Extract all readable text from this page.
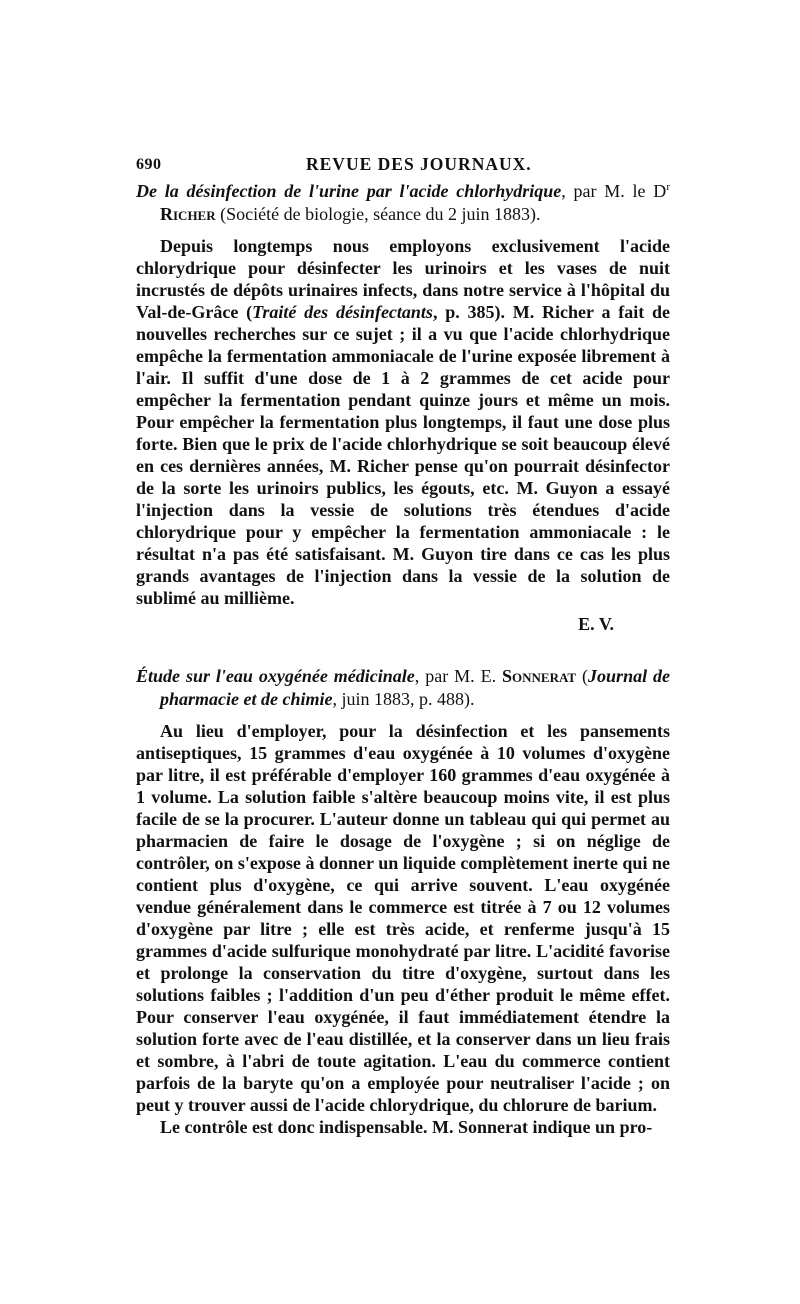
690	REVUE DES JOURNAUX.

De la désinfection de l'urine par l'acide chlorhydrique, par M. le $D^r$ Richer (Société de biologie, séance du 2 juin 1883).

Depuis longtemps nous employons exclusivement l'acide chlorydrique pour désinfecter les urinoirs et les vases de nuit incrustés de dépôts urinaires infects, dans notre service à l'hôpital du Val-de-Grâce (Traité des désinfectants, p. 385). M. Richer a fait de nouvelles recherches sur ce sujet ; il a vu que l'acide chlorhydrique empêche la fermentation ammoniacale de l'urine exposée librement à l'air. Il suffit d'une dose de 1 à 2 grammes de cet acide pour empêcher la fermentation pendant quinze jours et même un mois. Pour empêcher la fermentation plus longtemps, il faut une dose plus forte. Bien que le prix de l'acide chlorhydrique se soit beaucoup élevé en ces dernières années, M. Richer pense qu'on pourrait désinfector de la sorte les urinoirs publics, les égouts, etc. M. Guyon a essayé l'injection dans la vessie de solutions très étendues d'acide chlorydrique pour y empêcher la fermentation ammoniacale : le résultat n'a pas été satisfaisant. M. Guyon tire dans ce cas les plus grands avantages de l'injection dans la vessie de la solution de sublimé au millième.

E. V.

Étude sur l'eau oxygénée médicinale, par M. E. Sonnerat (Journal de pharmacie et de chimie, juin 1883, p. 488).

Au lieu d'employer, pour la désinfection et les pansements antiseptiques, 15 grammes d'eau oxygénée à 10 volumes d'oxygène par litre, il est préférable d'employer 160 grammes d'eau oxygénée à 1 volume. La solution faible s'altère beaucoup moins vite, il est plus facile de se la procurer. L'auteur donne un tableau qui qui permet au pharmacien de faire le dosage de l'oxygène ; si on néglige de contrôler, on s'expose à donner un liquide complètement inerte qui ne contient plus d'oxygène, ce qui arrive souvent. L'eau oxygénée vendue généralement dans le commerce est titrée à 7 ou 12 volumes d'oxygène par litre ; elle est très acide, et renferme jusqu'à 15 grammes d'acide sulfurique monohydraté par litre. L'acidité favorise et prolonge la conservation du titre d'oxygène, surtout dans les solutions faibles ; l'addition d'un peu d'éther produit le même effet. Pour conserver l'eau oxygénée, il faut immédiatement étendre la solution forte avec de l'eau distillée, et la conserver dans un lieu frais et sombre, à l'abri de toute agitation. L'eau du commerce contient parfois de la baryte qu'on a employée pour neutraliser l'acide ; on peut y trouver aussi de l'acide chlorydrique, du chlorure de barium.

Le contrôle est donc indispensable. M. Sonnerat indique un pro-
